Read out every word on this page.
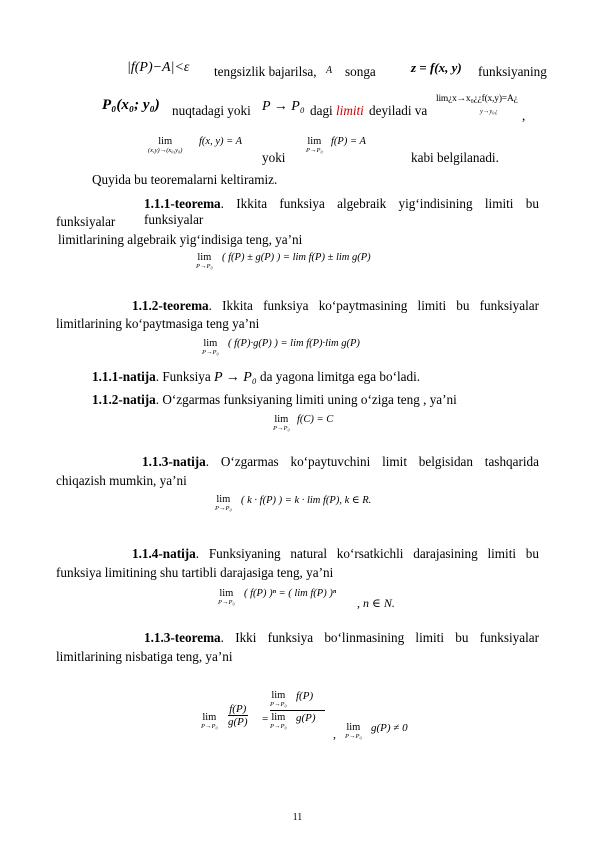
|f(P)−A|<ε tengsizlik bajarilsa, A songa	z = f(x, y) funksiyaning
P₀(x₀; y₀) nuqtadagi yoki P → P₀ dagi limiti deyiladi va
lim¿x→x₀¿¿f(x,y)=A¿
y→y₀¿ ,
lim
(x,y)→(x₀,y₀)
f(x, y) = A
yoki
lim
P→P₀
f(P) = A
kabi belgilanadi.
Quyida bu teoremalarni keltiramiz.
1.1.1-teorema. Ikkita funksiya algebraik yig‘indisining limiti bu funksiyalar
funksiyalar
limitlarining algebraik yig‘indisiga teng, ya’ni
lim
P→P₀
( f(P) ± g(P) ) = lim f(P) ± lim g(P)
1.1.2-teorema. Ikkita funksiya ko‘paytmasining limiti bu funksiyalar
limitlarining ko‘paytmasiga teng ya’ni
lim
P→P₀
( f(P)·g(P) ) = lim f(P)·lim g(P)
1.1.1-natija. Funksiya P → P₀ da yagona limitga ega bo‘ladi.
1.1.2-natija. O‘zgarmas funksiyaning limiti uning o‘ziga teng , ya’ni
lim
P→P₀
f(C) = C
1.1.3-natija. O‘zgarmas ko‘paytuvchini limit belgisidan tashqarida
chiqazish mumkin, ya’ni
lim
P→P₀
( k · f(P) ) = k · lim f(P), k ∈ R.
1.1.4-natija. Funksiyaning natural ko‘rsatkichli darajasining limiti bu
funksiya limitining shu tartibli darajasiga teng, ya’ni
lim
P→P₀
( f(P) )ⁿ = ( lim f(P) )ⁿ
, n ∈ N.
1.1.3-teorema. Ikki funksiya bo‘linmasining limiti bu funksiyalar
limitlarining nisbatiga teng, ya’ni
lim
$P\to P_0 \frac{f(P)}{g(P)} = \lim$
P→P₀
f(P)
lim
P→P₀
g(P)
, lim
P→P₀
g(P) ≠ 0
11
